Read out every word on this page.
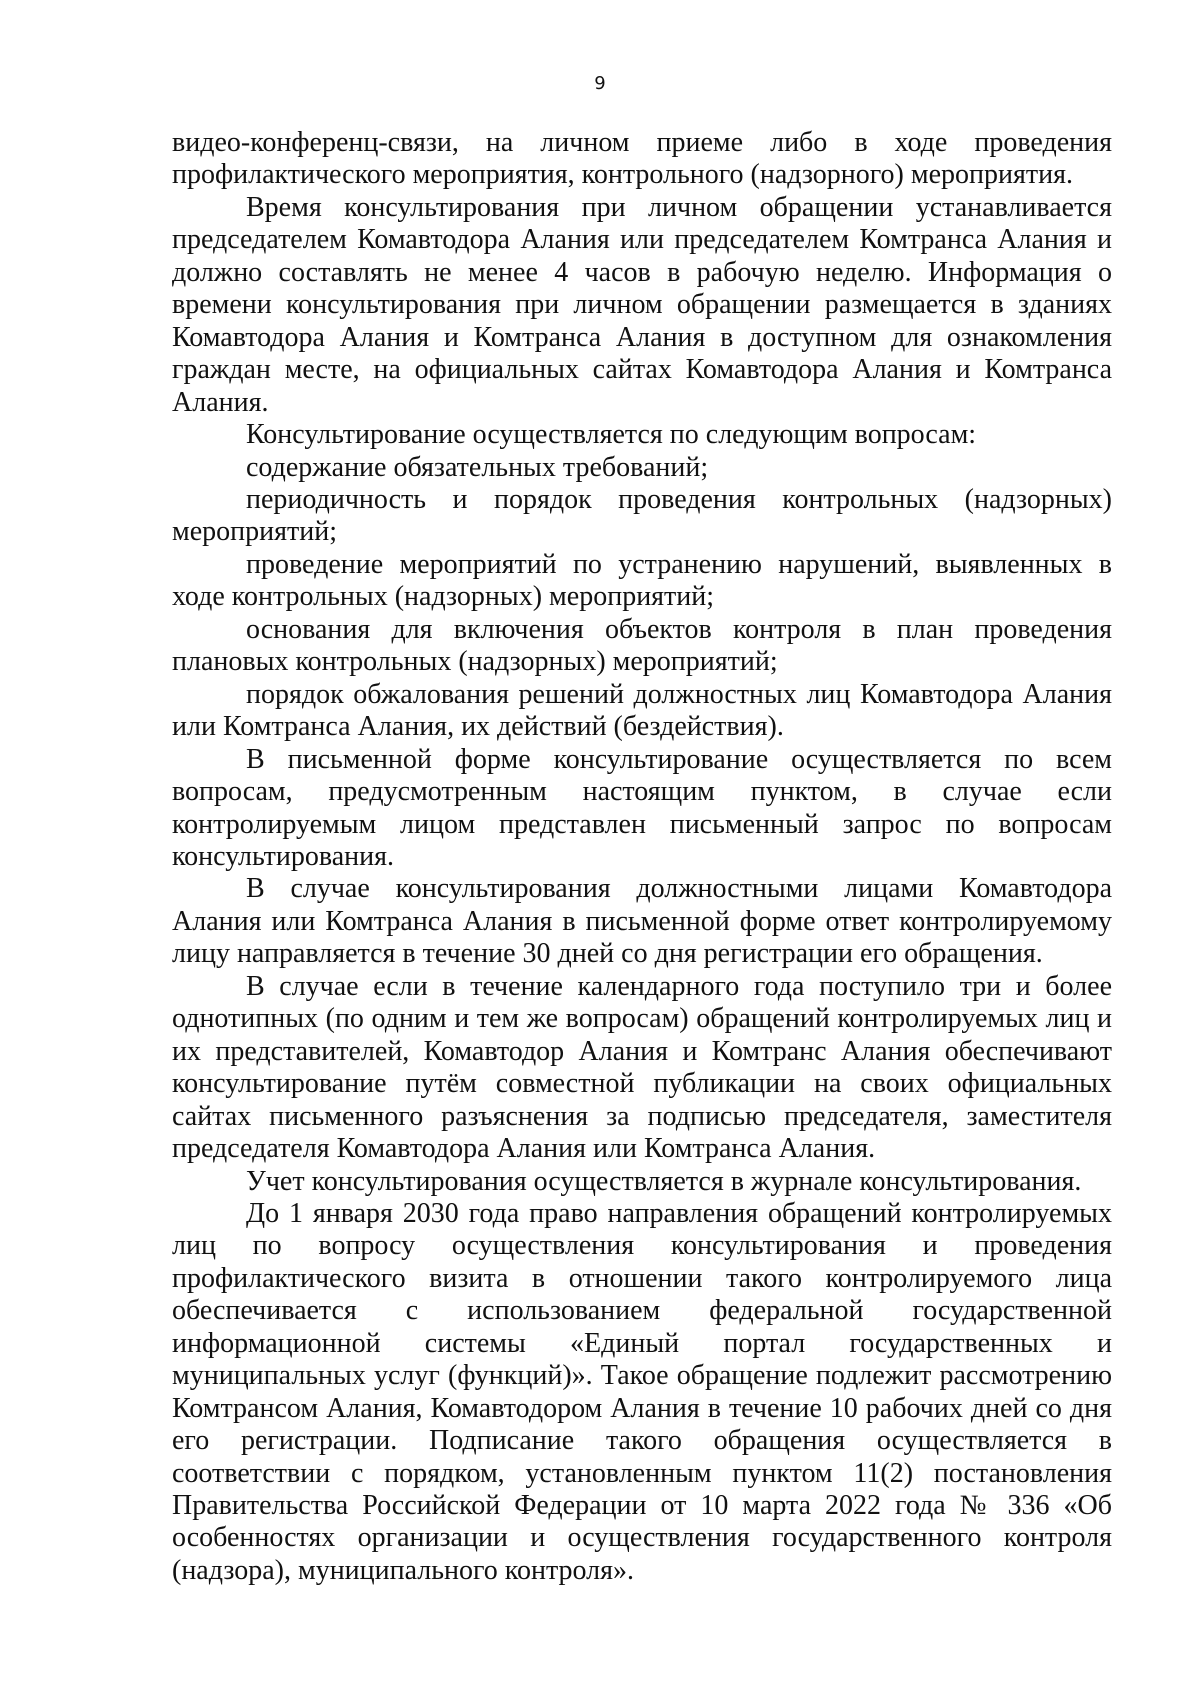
9

видео-конференц-связи, на личном приеме либо в ходе проведения профилактического мероприятия, контрольного (надзорного) мероприятия.

Время консультирования при личном обращении устанавливается председателем Комавтодора Алания или председателем Комтранса Алания и должно составлять не менее 4 часов в рабочую неделю. Информация о времени консультирования при личном обращении размещается в зданиях Комавтодора Алания и Комтранса Алания в доступном для ознакомления граждан месте, на официальных сайтах Комавтодора Алания и Комтранса Алания.

Консультирование осуществляется по следующим вопросам:

содержание обязательных требований;

периодичность и порядок проведения контрольных (надзорных) мероприятий;

проведение мероприятий по устранению нарушений, выявленных в ходе контрольных (надзорных) мероприятий;

основания для включения объектов контроля в план проведения плановых контрольных (надзорных) мероприятий;

порядок обжалования решений должностных лиц Комавтодора Алания или Комтранса Алания, их действий (бездействия).

В письменной форме консультирование осуществляется по всем вопросам, предусмотренным настоящим пунктом, в случае если контролируемым лицом представлен письменный запрос по вопросам консультирования.

В случае консультирования должностными лицами Комавтодора Алания или Комтранса Алания в письменной форме ответ контролируемому лицу направляется в течение 30 дней со дня регистрации его обращения.

В случае если в течение календарного года поступило три и более однотипных (по одним и тем же вопросам) обращений контролируемых лиц и их представителей, Комавтодор Алания и Комтранс Алания обеспечивают консультирование путём совместной публикации на своих официальных сайтах письменного разъяснения за подписью председателя, заместителя председателя Комавтодора Алания или Комтранса Алания.

Учет консультирования осуществляется в журнале консультирования.

До 1 января 2030 года право направления обращений контролируемых лиц по вопросу осуществления консультирования и проведения профилактического визита в отношении такого контролируемого лица обеспечивается с использованием федеральной государственной информационной системы «Единый портал государственных и муниципальных услуг (функций)». Такое обращение подлежит рассмотрению Комтрансом Алания, Комавтодором Алания в течение 10 рабочих дней со дня его регистрации. Подписание такого обращения осуществляется в соответствии с порядком, установленным пунктом 11(2) постановления Правительства Российской Федерации от 10 марта 2022 года № 336 «Об особенностях организации и осуществления государственного контроля (надзора), муниципального контроля».
